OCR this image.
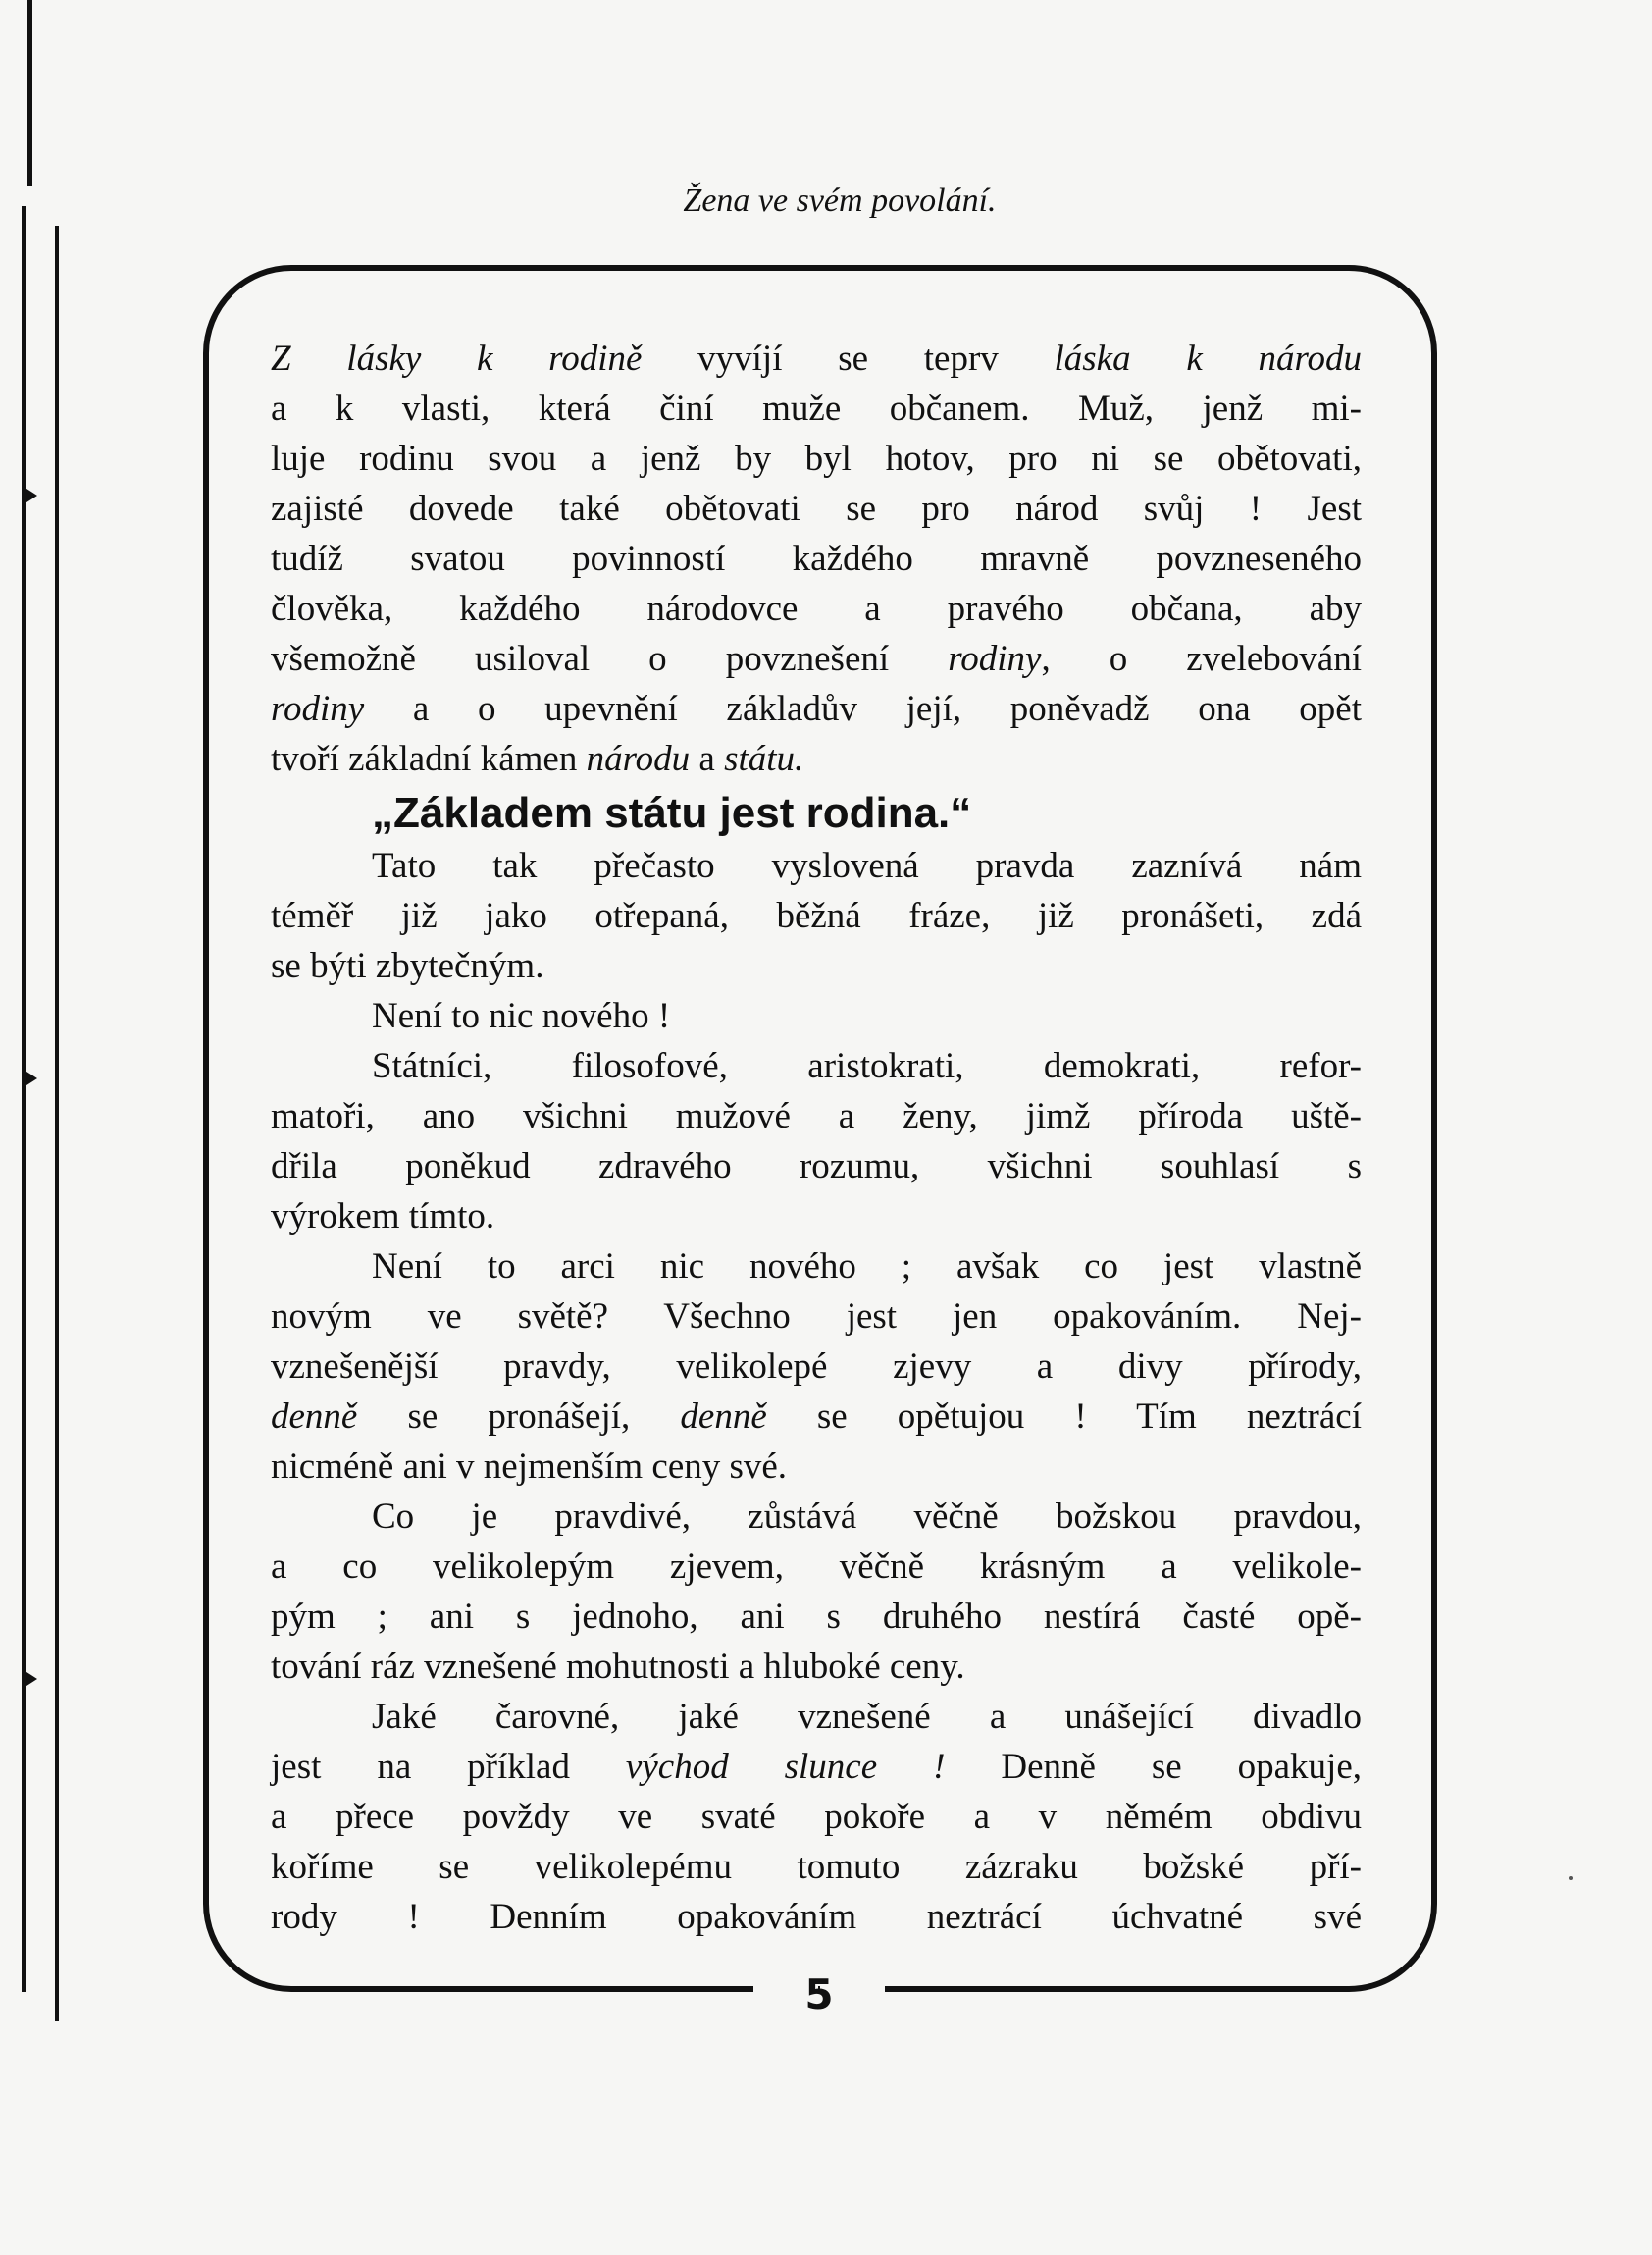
Žena ve svém povolání.
5
Z lásky k rodině vyvíjí se teprv láska k národu
a k vlasti, která činí muže občanem. Muž, jenž mi-
luje rodinu svou a jenž by byl hotov, pro ni se obětovati,
zajisté dovede také obětovati se pro národ svůj ! Jest
tudíž svatou povinností každého mravně povzneseného
člověka, každého národovce a pravého občana, aby
všemožně usiloval o povznešení rodiny, o zvelebování
rodiny a o upevnění základův její, poněvadž ona opět
tvoří základní kámen národu a státu.
„Základem státu jest rodina.“
Tato tak přečasto vyslovená pravda zaznívá nám
téměř již jako otřepaná, běžná fráze, již pronášeti, zdá
se býti zbytečným.
Není to nic nového !
Státníci, filosofové, aristokrati, demokrati, refor-
matoři, ano všichni mužové a ženy, jimž příroda uště-
dřila poněkud zdravého rozumu, všichni souhlasí s
výrokem tímto.
Není to arci nic nového ; avšak co jest vlastně
novým ve světě? Všechno jest jen opakováním. Nej-
vznešenější pravdy, velikolepé zjevy a divy přírody,
denně se pronášejí, denně se opětujou ! Tím neztrácí
nicméně ani v nejmenším ceny své.
Co je pravdivé, zůstává věčně božskou pravdou,
a co velikolepým zjevem, věčně krásným a velikole-
pým ; ani s jednoho, ani s druhého nestírá časté opě-
tování ráz vznešené mohutnosti a hluboké ceny.
Jaké čarovné, jaké vznešené a unášející divadlo
jest na příklad východ slunce ! Denně se opakuje,
a přece povždy ve svaté pokoře a v němém obdivu
koříme se velikolepému tomuto zázraku božské pří-
rody ! Denním opakováním neztrácí úchvatné své
